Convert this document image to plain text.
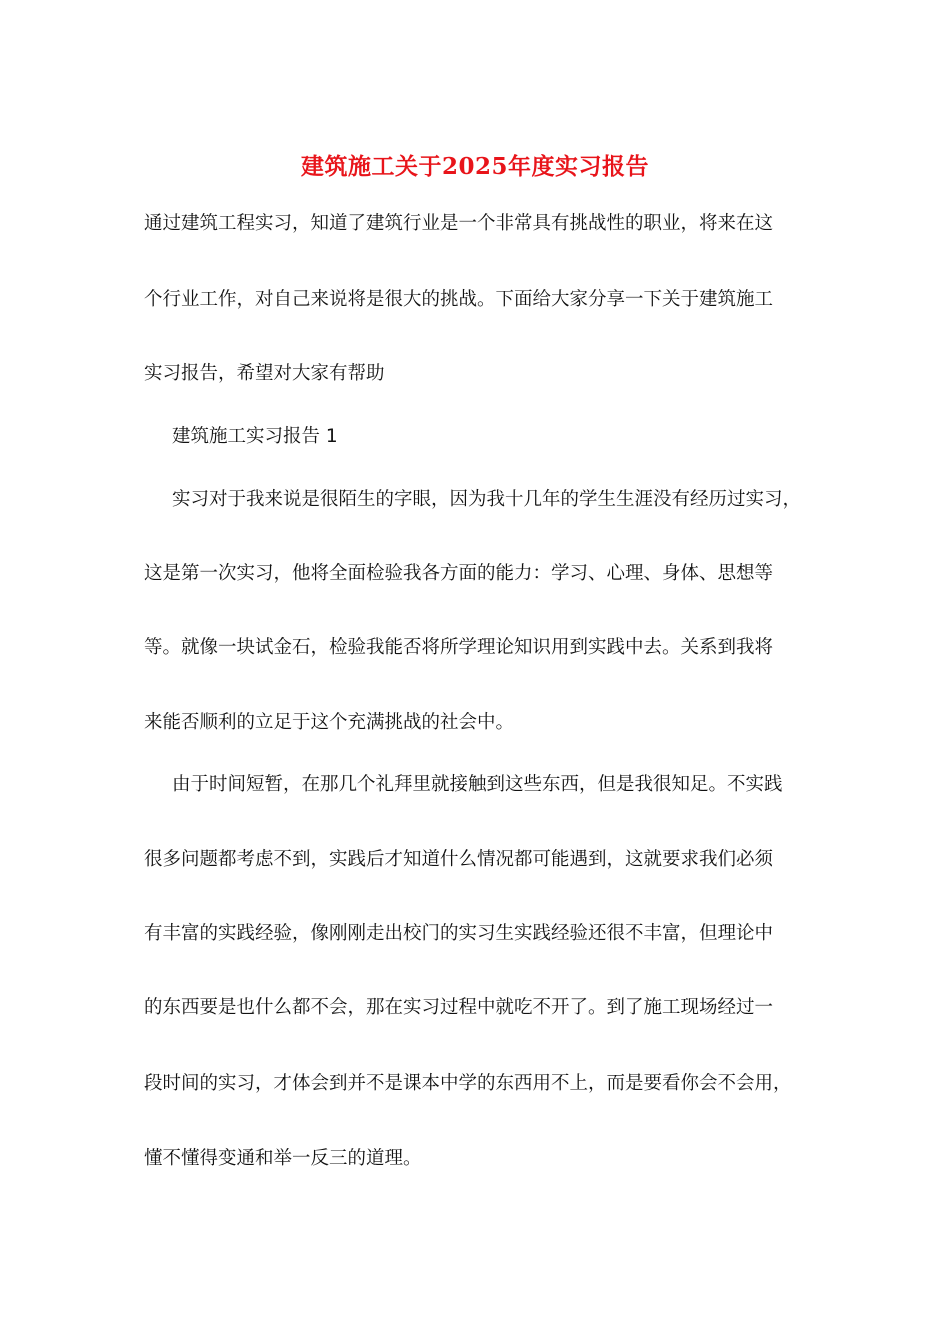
建筑施工关于2025年度实习报告
通过建筑工程实习，知道了建筑行业是一个非常具有挑战性的职业，将来在这
个行业工作，对自己来说将是很大的挑战。下面给大家分享一下关于建筑施工
实习报告，希望对大家有帮助
建筑施工实习报告 1
实习对于我来说是很陌生的字眼，因为我十几年的学生生涯没有经历过实习，
这是第一次实习，他将全面检验我各方面的能力：学习、心理、身体、思想等
等。就像一块试金石，检验我能否将所学理论知识用到实践中去。关系到我将
来能否顺利的立足于这个充满挑战的社会中。
由于时间短暂，在那几个礼拜里就接触到这些东西，但是我很知足。不实践
很多问题都考虑不到，实践后才知道什么情况都可能遇到，这就要求我们必须
有丰富的实践经验，像刚刚走出校门的实习生实践经验还很不丰富，但理论中
的东西要是也什么都不会，那在实习过程中就吃不开了。到了施工现场经过一
段时间的实习，才体会到并不是课本中学的东西用不上，而是要看你会不会用，
懂不懂得变通和举一反三的道理。
